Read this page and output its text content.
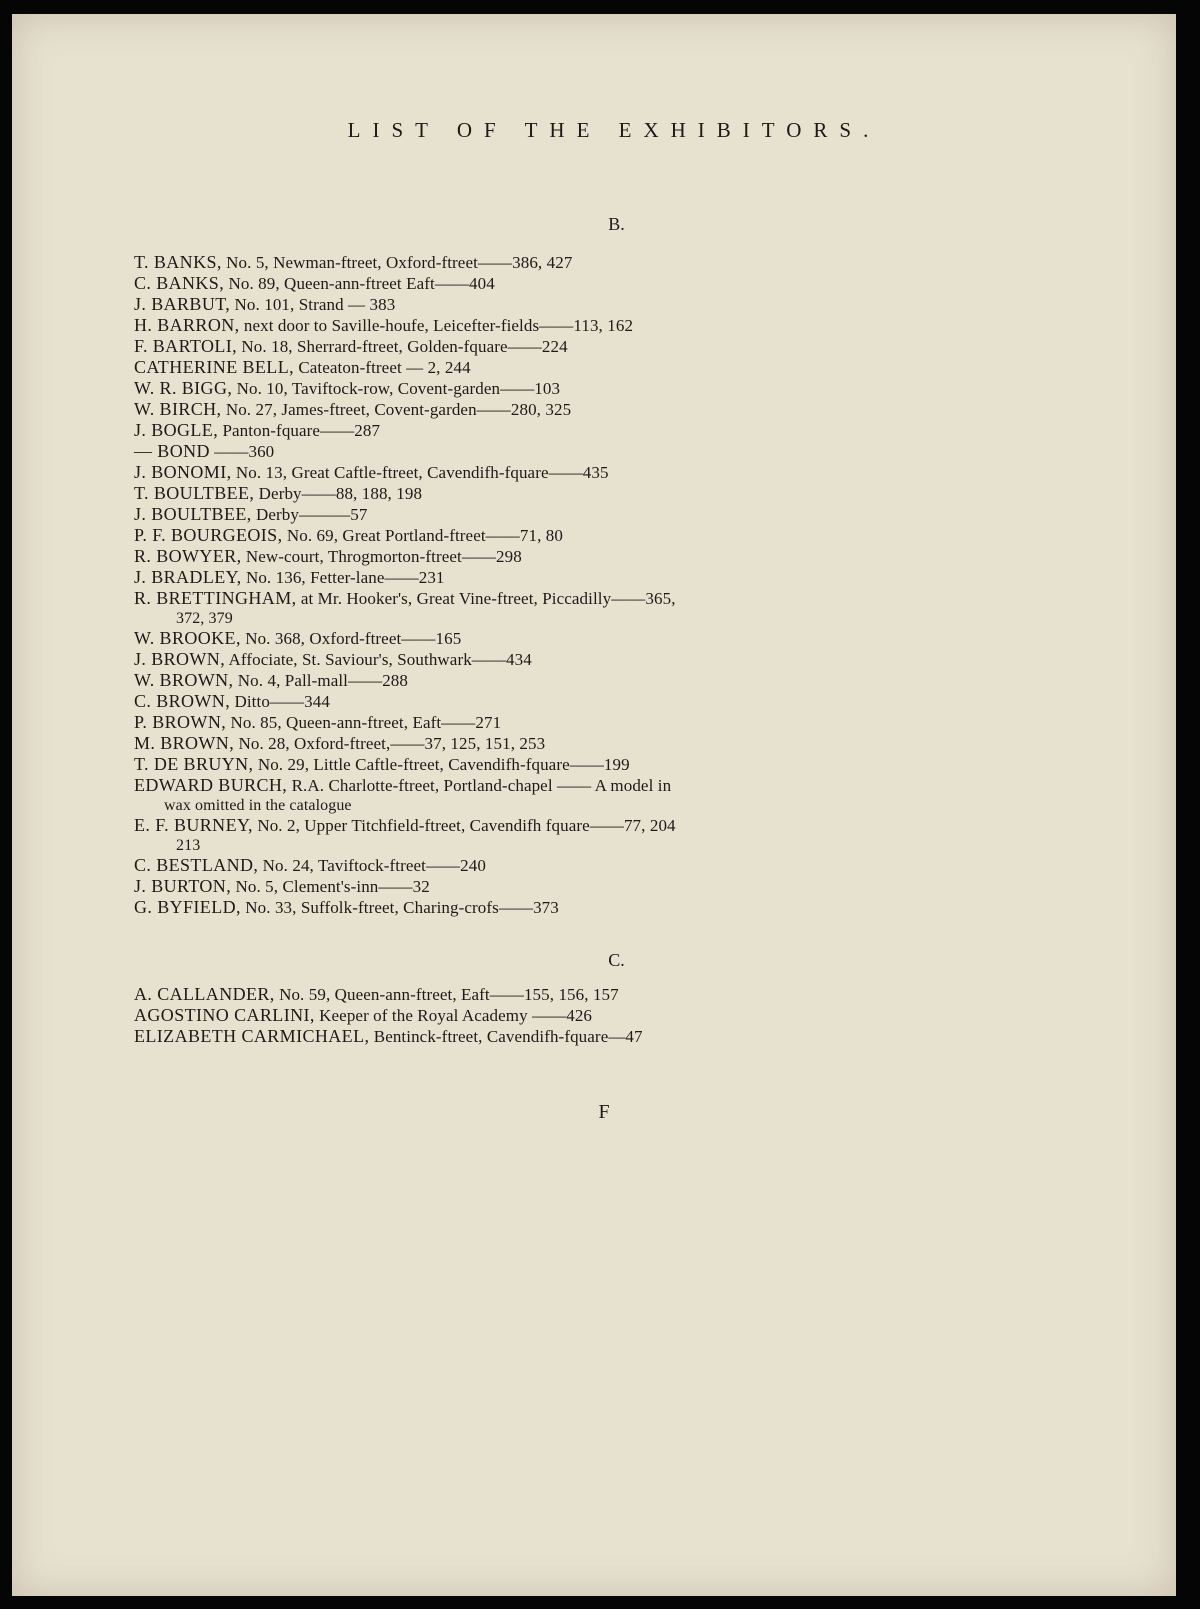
LIST OF THE EXHIBITORS.
B.
T. BANKS, No. 5, Newman-ftreet, Oxford-ftreet——386, 427
C. BANKS, No. 89, Queen-ann-ftreet Eaft——404
J. BARBUT, No. 101, Strand — 383
H. BARRON, next door to Saville-houfe, Leicefter-fields——113, 162
F. BARTOLI, No. 18, Sherrard-ftreet, Golden-fquare——224
CATHERINE BELL, Cateaton-ftreet — 2, 244
W. R. BIGG, No. 10, Taviftock-row, Covent-garden——103
W. BIRCH, No. 27, James-ftreet, Covent-garden——280, 325
J. BOGLE, Panton-fquare——287
— BOND ——360
J. BONOMI, No. 13, Great Caftle-ftreet, Cavendifh-fquare——435
T. BOULTBEE, Derby——88, 188, 198
J. BOULTBEE, Derby———57
P. F. BOURGEOIS, No. 69, Great Portland-ftreet——71, 80
R. BOWYER, New-court, Throgmorton-ftreet——298
J. BRADLEY, No. 136, Fetter-lane——231
R. BRETTINGHAM, at Mr. Hooker's, Great Vine-ftreet, Piccadilly——365,
372, 379
W. BROOKE, No. 368, Oxford-ftreet——165
J. BROWN, Affociate, St. Saviour's, Southwark——434
W. BROWN, No. 4, Pall-mall——288
C. BROWN, Ditto——344
P. BROWN, No. 85, Queen-ann-ftreet, Eaft——271
M. BROWN, No. 28, Oxford-ftreet,——37, 125, 151, 253
T. DE BRUYN, No. 29, Little Caftle-ftreet, Cavendifh-fquare——199
EDWARD BURCH, R.A. Charlotte-ftreet, Portland-chapel —— A model in
wax omitted in the catalogue
E. F. BURNEY, No. 2, Upper Titchfield-ftreet, Cavendifh fquare——77, 204
213
C. BESTLAND, No. 24, Taviftock-ftreet——240
J. BURTON, No. 5, Clement's-inn——32
G. BYFIELD, No. 33, Suffolk-ftreet, Charing-crofs——373
C.
A. CALLANDER, No. 59, Queen-ann-ftreet, Eaft——155, 156, 157
AGOSTINO CARLINI, Keeper of the Royal Academy ——426
ELIZABETH CARMICHAEL, Bentinck-ftreet, Cavendifh-fquare—47
F
